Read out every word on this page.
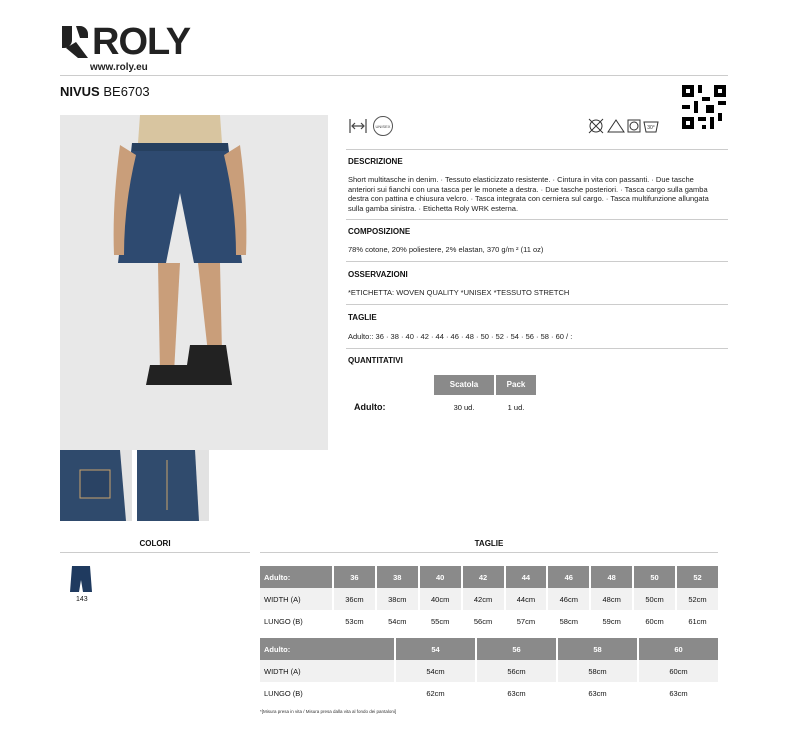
ROLY
www.roly.eu
NIVUS BE6703
UNISEX	30°
DESCRIZIONE
Short multitasche in denim. · Tessuto elasticizzato resistente. · Cintura in vita con passanti. · Due tasche
anteriori sui fianchi con una tasca per le monete a destra. · Due tasche posteriori. · Tasca cargo sulla gamba
destra con pattina e chiusura velcro. · Tasca integrata con cerniera sul cargo. · Tasca multifunzione allungata
sulla gamba sinistra. · Etichetta Roly WRK esterna.
COMPOSIZIONE
78% cotone, 20% poliestere, 2% elastan, 370 g/m ² (11 oz)
OSSERVAZIONI
*ETICHETTA: WOVEN QUALITY *UNISEX *TESSUTO STRETCH
TAGLIE
Adulto:: 36 · 38 · 40 · 42 · 44 · 46 · 48 · 50 · 52 · 54 · 56 · 58 · 60 / :
QUANTITATIVI
Scatola	Pack
Adulto:	30 ud.	1 ud.
COLORI
143
TAGLIE
Adulto:	36	38	40	42	44	46	48	50	52
WIDTH (A)	36cm	38cm	40cm	42cm	44cm	46cm	48cm	50cm	52cm
LUNGO (B)	53cm	54cm	55cm	56cm	57cm	58cm	59cm	60cm	61cm
Adulto:	54	56	58	60
WIDTH (A)	54cm	56cm	58cm	60cm
LUNGO (B)	62cm	63cm	63cm	63cm
*[Misura presa in vita / Misura presa dalla vita al fondo dei pantaloni]
